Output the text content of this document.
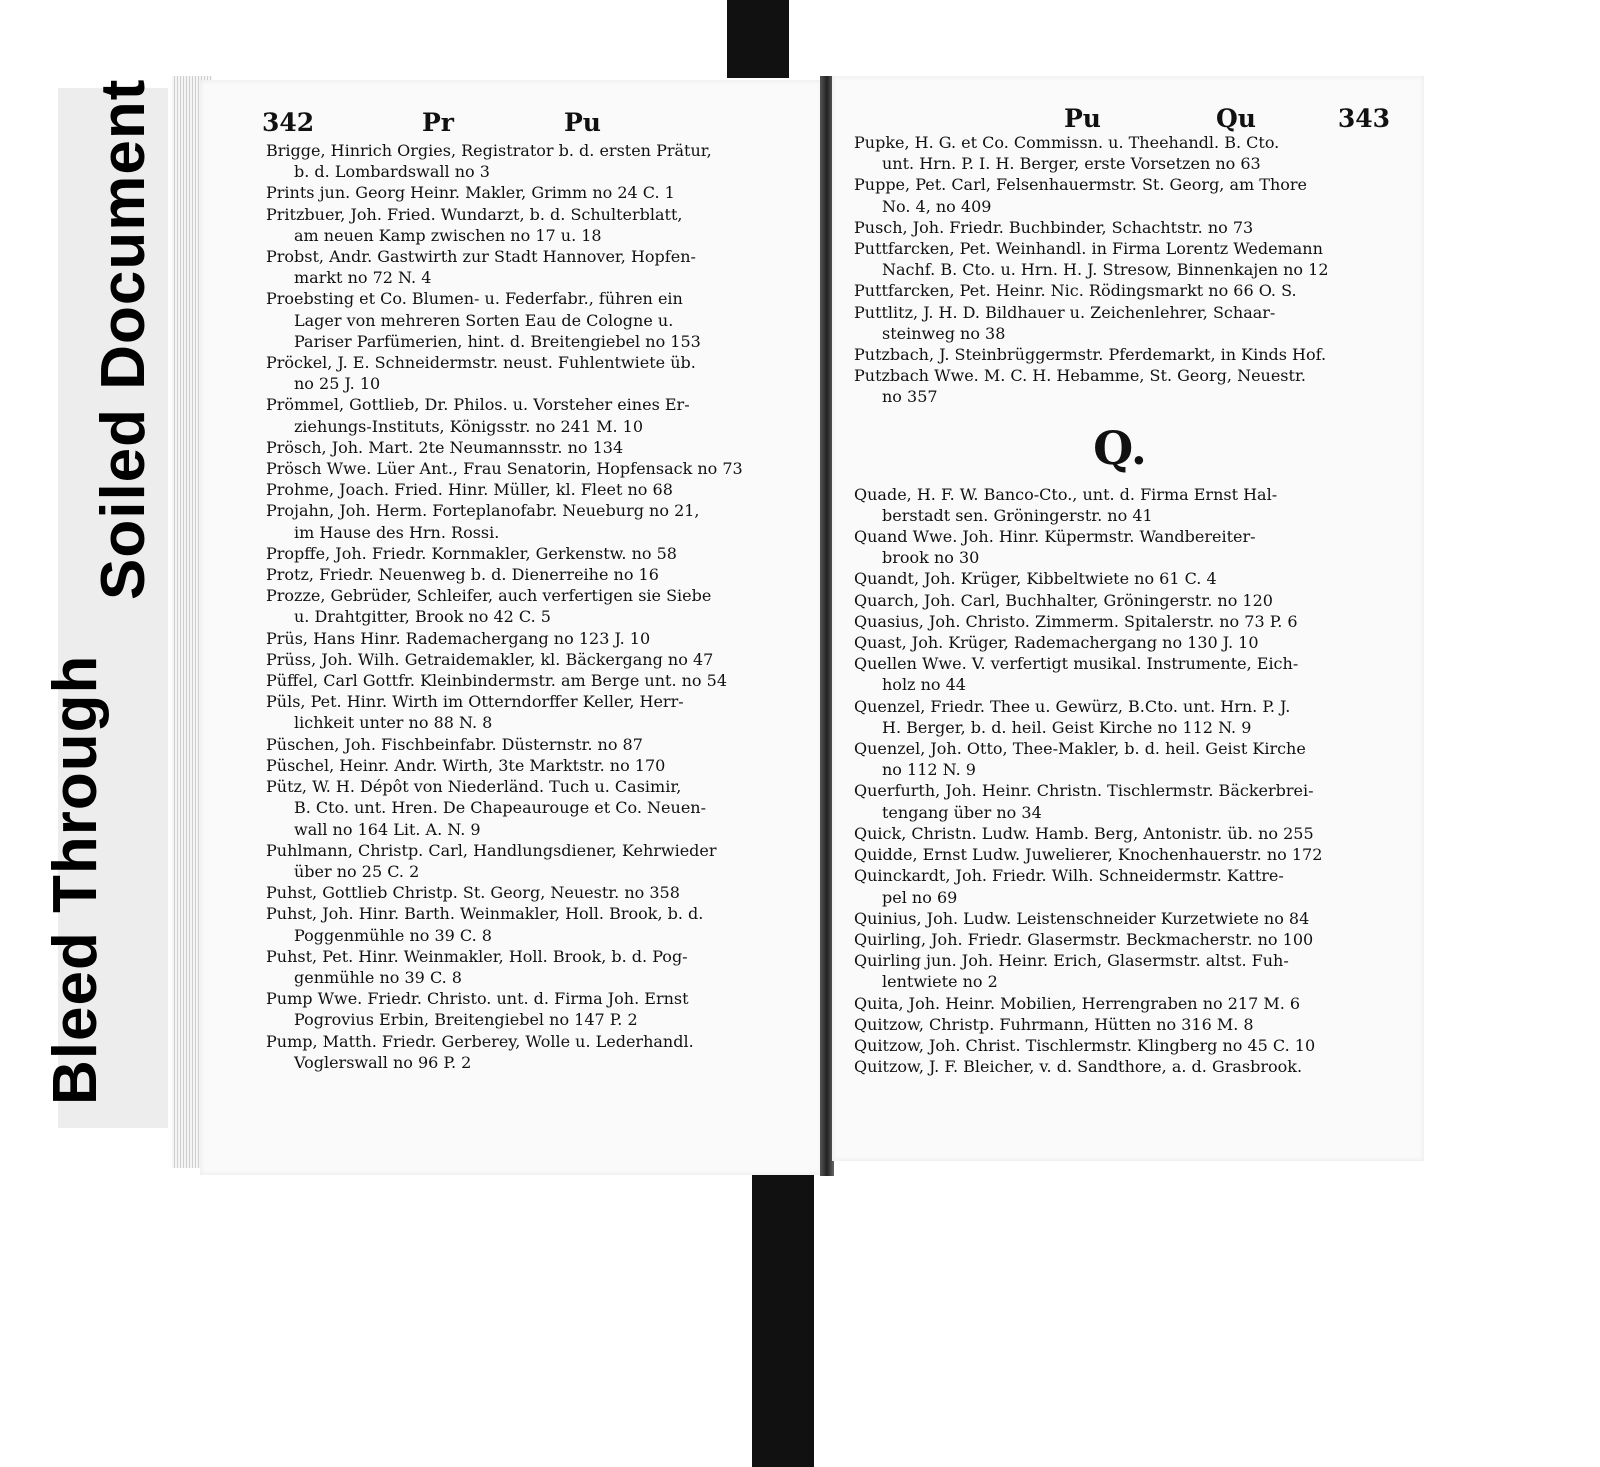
Bleed Through
Soiled Document	342	Pr	Pu
Brigge, Hinrich Orgies, Registrator b. d. ersten Prätur,
b. d. Lombardswall no 3
Prints jun. Georg Heinr. Makler, Grimm no 24 C. 1
Pritzbuer, Joh. Fried. Wundarzt, b. d. Schulterblatt,
am neuen Kamp zwischen no 17 u. 18
Probst, Andr. Gastwirth zur Stadt Hannover, Hopfen-
markt no 72 N. 4
Proebsting et Co. Blumen- u. Federfabr., führen ein
Lager von mehreren Sorten Eau de Cologne u.
Pariser Parfümerien, hint. d. Breitengiebel no 153
Pröckel, J. E. Schneidermstr. neust. Fuhlentwiete üb.
no 25 J. 10
Prömmel, Gottlieb, Dr. Philos. u. Vorsteher eines Er-
ziehungs-Instituts, Königsstr. no 241 M. 10
Prösch, Joh. Mart. 2te Neumannsstr. no 134
Prösch Wwe. Lüer Ant., Frau Senatorin, Hopfensack no 73
Prohme, Joach. Fried. Hinr. Müller, kl. Fleet no 68
Projahn, Joh. Herm. Forteplanofabr. Neueburg no 21,
im Hause des Hrn. Rossi.
Propffe, Joh. Friedr. Kornmakler, Gerkenstw. no 58
Protz, Friedr. Neuenweg b. d. Dienerreihe no 16
Prozze, Gebrüder, Schleifer, auch verfertigen sie Siebe
u. Drahtgitter, Brook no 42 C. 5
Prüs, Hans Hinr. Rademachergang no 123 J. 10
Prüss, Joh. Wilh. Getraidemakler, kl. Bäckergang no 47
Püffel, Carl Gottfr. Kleinbindermstr. am Berge unt. no 54
Püls, Pet. Hinr. Wirth im Otterndorffer Keller, Herr-
lichkeit unter no 88 N. 8
Püschen, Joh. Fischbeinfabr. Düsternstr. no 87
Püschel, Heinr. Andr. Wirth, 3te Marktstr. no 170
Pütz, W. H. Dépôt von Niederländ. Tuch u. Casimir,
B. Cto. unt. Hren. De Chapeaurouge et Co. Neuen-
wall no 164 Lit. A. N. 9
Puhlmann, Christp. Carl, Handlungsdiener, Kehrwieder
über no 25 C. 2
Puhst, Gottlieb Christp. St. Georg, Neuestr. no 358
Puhst, Joh. Hinr. Barth. Weinmakler, Holl. Brook, b. d.
Poggenmühle no 39 C. 8
Puhst, Pet. Hinr. Weinmakler, Holl. Brook, b. d. Pog-
genmühle no 39 C. 8
Pump Wwe. Friedr. Christo. unt. d. Firma Joh. Ernst
Pogrovius Erbin, Breitengiebel no 147 P. 2
Pump, Matth. Friedr. Gerberey, Wolle u. Lederhandl.
Voglerswall no 96 P. 2
Pu	Qu	343
Pupke, H. G. et Co. Commissn. u. Theehandl. B. Cto.
unt. Hrn. P. I. H. Berger, erste Vorsetzen no 63
Puppe, Pet. Carl, Felsenhauermstr. St. Georg, am Thore
No. 4, no 409
Pusch, Joh. Friedr. Buchbinder, Schachtstr. no 73
Puttfarcken, Pet. Weinhandl. in Firma Lorentz Wedemann
Nachf. B. Cto. u. Hrn. H. J. Stresow, Binnenkajen no 12
Puttfarcken, Pet. Heinr. Nic. Rödingsmarkt no 66 O. S.
Puttlitz, J. H. D. Bildhauer u. Zeichenlehrer, Schaar-
steinweg no 38
Putzbach, J. Steinbrüggermstr. Pferdemarkt, in Kinds Hof.
Putzbach Wwe. M. C. H. Hebamme, St. Georg, Neuestr.
no 357
Q.
Quade, H. F. W. Banco-Cto., unt. d. Firma Ernst Hal-
berstadt sen. Gröningerstr. no 41
Quand Wwe. Joh. Hinr. Küpermstr. Wandbereiter-
brook no 30
Quandt, Joh. Krüger, Kibbeltwiete no 61 C. 4
Quarch, Joh. Carl, Buchhalter, Gröningerstr. no 120
Quasius, Joh. Christo. Zimmerm. Spitalerstr. no 73 P. 6
Quast, Joh. Krüger, Rademachergang no 130 J. 10
Quellen Wwe. V. verfertigt musikal. Instrumente, Eich-
holz no 44
Quenzel, Friedr. Thee u. Gewürz, B.Cto. unt. Hrn. P. J.
H. Berger, b. d. heil. Geist Kirche no 112 N. 9
Quenzel, Joh. Otto, Thee-Makler, b. d. heil. Geist Kirche
no 112 N. 9
Querfurth, Joh. Heinr. Christn. Tischlermstr. Bäckerbrei-
tengang über no 34
Quick, Christn. Ludw. Hamb. Berg, Antonistr. üb. no 255
Quidde, Ernst Ludw. Juwelierer, Knochenhauerstr. no 172
Quinckardt, Joh. Friedr. Wilh. Schneidermstr. Kattre-
pel no 69
Quinius, Joh. Ludw. Leistenschneider Kurzetwiete no 84
Quirling, Joh. Friedr. Glasermstr. Beckmacherstr. no 100
Quirling jun. Joh. Heinr. Erich, Glasermstr. altst. Fuh-
lentwiete no 2
Quita, Joh. Heinr. Mobilien, Herrengraben no 217 M. 6
Quitzow, Christp. Fuhrmann, Hütten no 316 M. 8
Quitzow, Joh. Christ. Tischlermstr. Klingberg no 45 C. 10
Quitzow, J. F. Bleicher, v. d. Sandthore, a. d. Grasbrook.
